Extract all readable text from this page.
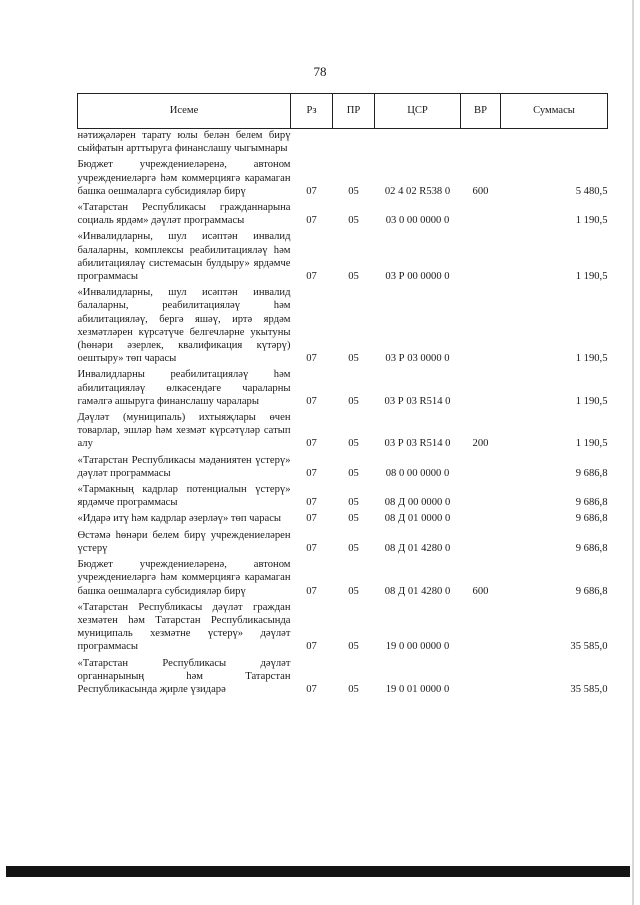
78
Исеме	Рз	ПР	ЦСР	ВР	Суммасы
нәтиҗәләрен тарату юлы белән белем бирү сыйфатын арттыруга финанслашу чыгымнары					
Бюджет учреждениеләренә, автоном учреждениеләргә һәм коммерциягә карамаган башка оешмаларга субсидияләр бирү	07	05	02 4 02 R538 0	600	5 480,5
«Татарстан Республикасы гражданнарына социаль ярдәм» дәүләт программасы	07	05	03 0 00 0000 0		1 190,5
«Инвалидларны, шул исәптән инвалид балаларны, комплексы реабилитацияләү һәм абилитацияләү системасын булдыру» ярдәмче программасы	07	05	03 Р 00 0000 0		1 190,5
«Инвалидларны, шул исәптән инвалид балаларны, реабилитацияләү һәм абилитацияләү, бергә яшәү, иртә ярдәм хезмәтләрен күрсәтүче белгечләрне укытуны (һөнәри әзерлек, квалификация күтәрү) оештыру» төп чарасы	07	05	03 Р 03 0000 0		1 190,5
Инвалидларны реабилитацияләү һәм абилитацияләү өлкәсендәге чараларны гамәлгә ашыруга финанслашу чаралары	07	05	03 Р 03 R514 0		1 190,5
Дәүләт (муниципаль) ихтыяҗлары өчен товарлар, эшләр һәм хезмәт күрсәтүләр сатып алу	07	05	03 Р 03 R514 0	200	1 190,5
«Татарстан Республикасы мәдәниятен үстерү» дәүләт программасы	07	05	08 0 00 0000 0		9 686,8
«Тармакның кадрлар потенциалын үстерү» ярдәмче программасы	07	05	08 Д 00 0000 0		9 686,8
«Идарә итү һәм кадрлар әзерләү» төп чарасы	07	05	08 Д 01 0000 0		9 686,8
Өстәмә һөнәри белем бирү учреждениеләрен үстерү	07	05	08 Д 01 4280 0		9 686,8
Бюджет учреждениеләренә, автоном учреждениеләргә һәм коммерциягә карамаган башка оешмаларга субсидияләр бирү	07	05	08 Д 01 4280 0	600	9 686,8
«Татарстан Республикасы дәүләт граждан хезмәтен һәм Татарстан Республикасында муниципаль хезмәтне үстерү» дәүләт программасы	07	05	19 0 00 0000 0		35 585,0
«Татарстан Республикасы дәүләт органнарының һәм Татарстан Республикасында җирле үзидарә	07	05	19 0 01 0000 0		35 585,0
